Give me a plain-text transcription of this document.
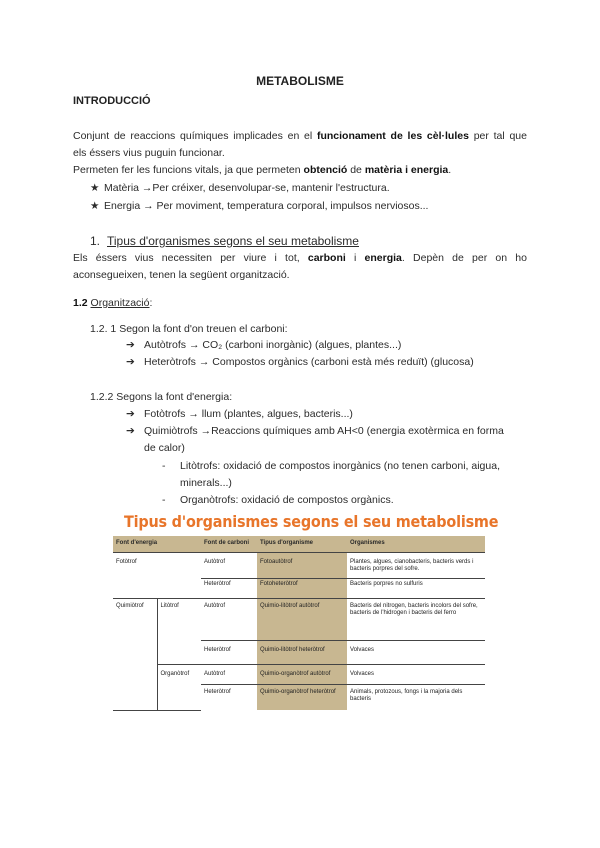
METABOLISME
INTRODUCCIÓ
Conjunt de reaccions químiques implicades en el funcionament de les cèl·lules per tal que
els éssers vius puguin funcionar.
Permeten fer les funcions vitals, ja que permeten obtenció de matèria i energia.
★ Matèria →Per créixer, desenvolupar-se, mantenir l'estructura.
★ Energia → Per moviment, temperatura corporal, impulsos nerviosos...
1. Tipus d'organismes segons el seu metabolisme
Els éssers vius necessiten per viure i tot, carboni i energia. Depèn de per on ho
aconsegueixen, tenen la següent organització.
1.2 Organització:
1.2. 1 Segon la font d'on treuen el carboni:
➔ Autòtrofs → CO₂ (carboni inorgànic) (algues, plantes...)
➔ Heteròtrofs → Compostos orgànics (carboni està més reduït) (glucosa)
1.2.2 Segons la font d'energia:
➔ Fotòtrofs → llum (plantes, algues, bacteris...)
➔ Quimiòtrofs →Reaccions químiques amb AH<0 (energia exotèrmica en forma
de calor)
- Litòtrofs: oxidació de compostos inorgànics (no tenen carboni, aigua,
minerals...)
- Organòtrofs: oxidació de compostos orgànics.
Tipus d'organismes segons el seu metabolisme
Font d'energia		Font de carboni	Tipus d'organisme	Organismes
Fotòtrof		Autòtrof	Fotoautòtrof	Plantes, algues, cianobacteris, bacteris verds i bacteris porpres del sofre.
		Heteròtrof	Fotoheteròtrof	Bacteris porpres no sulfuris
Quimiòtrof	Litòtrof	Autòtrof	Quimio-litòtrof autòtrof	Bacteris del nitrogen, bacteris incolors del sofre, bacteris de l'hidrogen i bacteris del ferro
		Heteròtrof	Quimio-litòtrof heteròtrof	Volvaces
	Organòtrof	Autòtrof	Quimio-organòtrof autòtrof	Volvaces
		Heteròtrof	Quimio-organòtrof heteròtrof	Animals, protozous, fongs i la majoria dels bacteris
